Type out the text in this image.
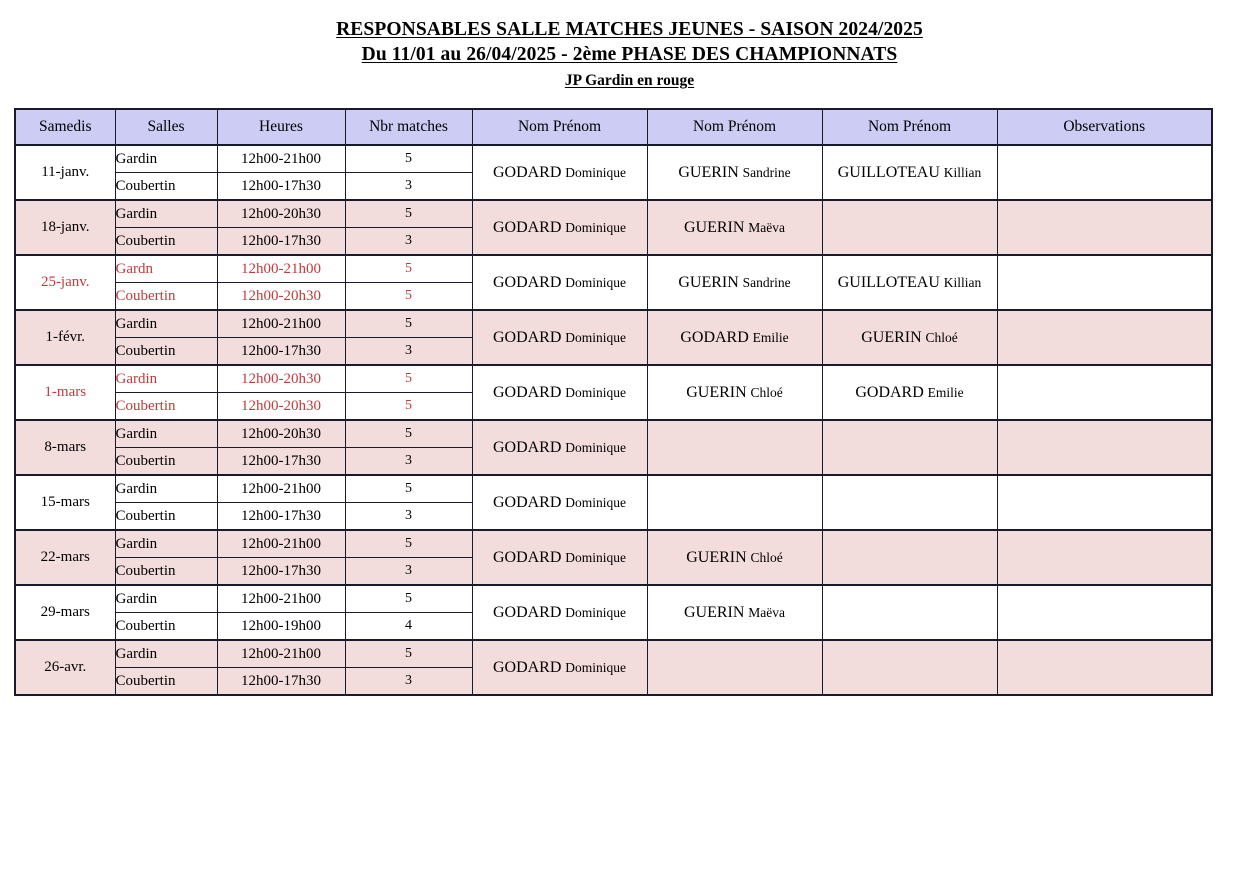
RESPONSABLES SALLE MATCHES JEUNES - SAISON 2024/2025
Du 11/01 au 26/04/2025 - 2ème PHASE DES CHAMPIONNATS
JP Gardin en rouge
Samedis	Salles	Heures	Nbr matches	Nom Prénom	Nom Prénom	Nom Prénom	Observations
11-janv.	Gardin	12h00-21h00	5	GODARD Dominique	GUERIN Sandrine	GUILLOTEAU Killian	
	Coubertin	12h00-17h30	3				
18-janv.	Gardin	12h00-20h30	5	GODARD Dominique	GUERIN Maëva		
	Coubertin	12h00-17h30	3				
25-janv.	Gardn	12h00-21h00	5	GODARD Dominique	GUERIN Sandrine	GUILLOTEAU Killian	
	Coubertin	12h00-20h30	5				
1-févr.	Gardin	12h00-21h00	5	GODARD Dominique	GODARD Emilie	GUERIN Chloé	
	Coubertin	12h00-17h30	3				
1-mars	Gardin	12h00-20h30	5	GODARD Dominique	GUERIN Chloé	GODARD Emilie	
	Coubertin	12h00-20h30	5				
8-mars	Gardin	12h00-20h30	5	GODARD Dominique			
	Coubertin	12h00-17h30	3				
15-mars	Gardin	12h00-21h00	5	GODARD Dominique			
	Coubertin	12h00-17h30	3				
22-mars	Gardin	12h00-21h00	5	GODARD Dominique	GUERIN Chloé		
	Coubertin	12h00-17h30	3				
29-mars	Gardin	12h00-21h00	5	GODARD Dominique	GUERIN Maëva		
	Coubertin	12h00-19h00	4				
26-avr.	Gardin	12h00-21h00	5	GODARD Dominique			
	Coubertin	12h00-17h30	3				
